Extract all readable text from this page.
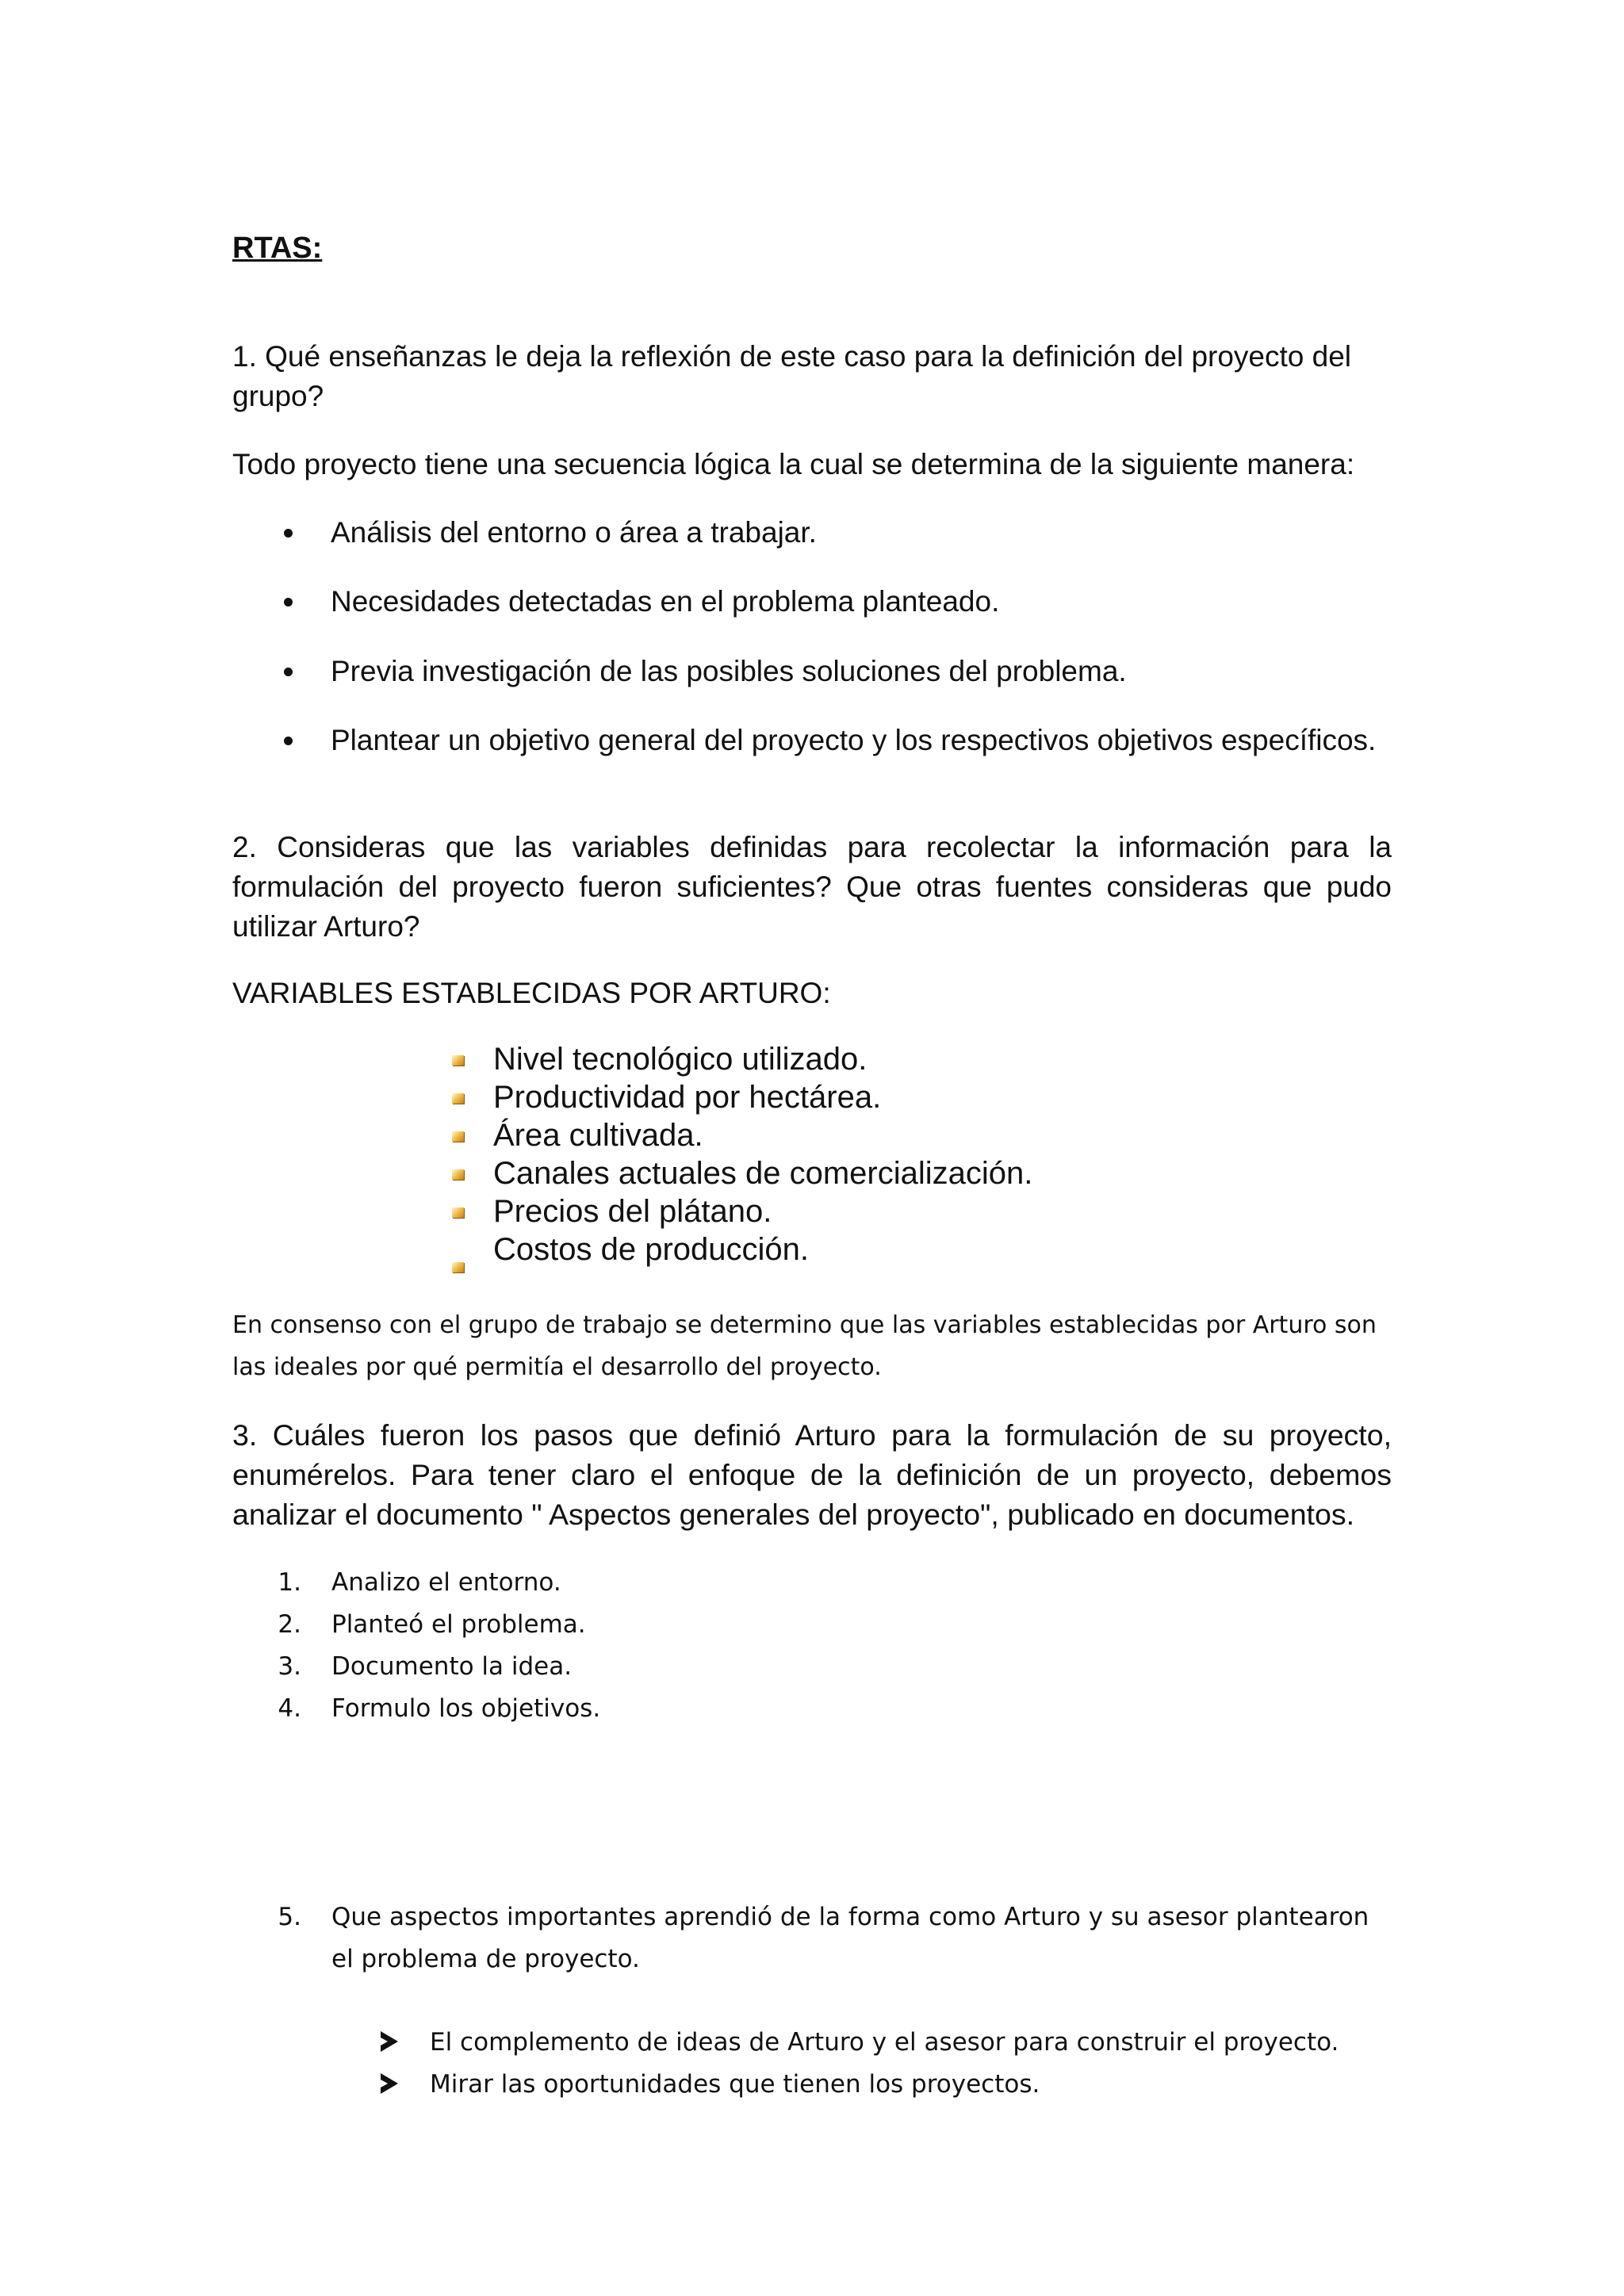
RTAS:

1. Qué enseñanzas le deja la reflexión de este caso para la definición del proyecto del grupo?

Todo proyecto tiene una secuencia lógica la cual se determina de la siguiente manera:

Análisis del entorno o área a trabajar.
Necesidades detectadas en el problema planteado.
Previa investigación de las posibles soluciones del problema.
Plantear un objetivo general del proyecto y los respectivos objetivos específicos.

2. Consideras que las variables definidas para recolectar la información para la formulación del proyecto fueron suficientes? Que otras fuentes consideras que pudo utilizar Arturo?

VARIABLES ESTABLECIDAS POR ARTURO:

Nivel tecnológico utilizado.
Productividad por hectárea.
Área cultivada.
Canales actuales de comercialización.
Precios del plátano.
Costos de producción.

En consenso con el grupo de trabajo se determino que las variables establecidas por Arturo son las ideales por qué permitía el desarrollo del proyecto.

3. Cuáles fueron los pasos que definió Arturo para la formulación de su proyecto, enumérelos. Para tener claro el enfoque de la definición de un proyecto, debemos analizar el documento " Aspectos generales del proyecto", publicado en documentos.

1. Analizo el entorno.
2. Planteó el problema.
3. Documento la idea.
4. Formulo los objetivos.
5. Que aspectos importantes aprendió de la forma como Arturo y su asesor plantearon el problema de proyecto.
El complemento de ideas de Arturo y el asesor para construir el proyecto.
Mirar las oportunidades que tienen los proyectos.
